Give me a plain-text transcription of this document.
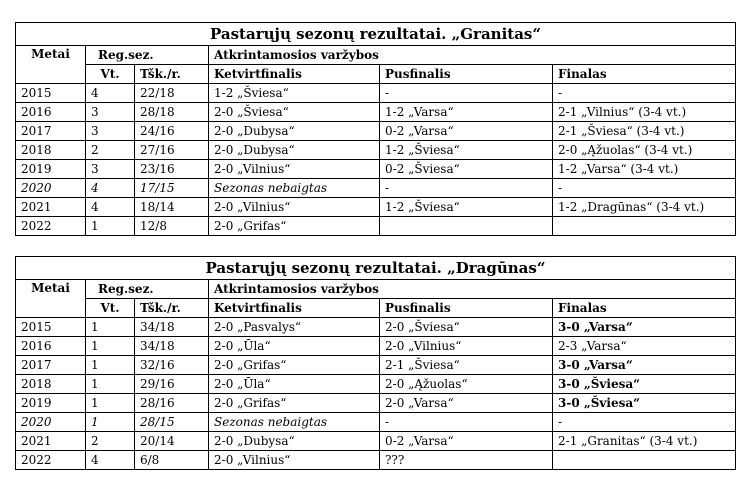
Pastarųjų sezonų rezultatai. „Granitas“					
Metai	Reg.sez.		Atkrintamosios varžybos		
	Vt.	Tšk./r.	Ketvirtfinalis	Pusfinalis	Finalas
2015	4	22/18	1-2 „Šviesa“	-	-
2016	3	28/18	2-0 „Šviesa“	1-2 „Varsa“	2-1 „Vilnius“ (3-4 vt.)
2017	3	24/16	2-0 „Dubysa“	0-2 „Varsa“	2-1 „Šviesa“ (3-4 vt.)
2018	2	27/16	2-0 „Dubysa“	1-2 „Šviesa“	2-0 „Ąžuolas“ (3-4 vt.)
2019	3	23/16	2-0 „Vilnius“	0-2 „Šviesa“	1-2 „Varsa“ (3-4 vt.)
2020	4	17/15	Sezonas nebaigtas	-	-
2021	4	18/14	2-0 „Vilnius“	1-2 „Šviesa“	1-2 „Dragūnas“ (3-4 vt.)
2022	1	12/8	2-0 „Grifas“		
Pastarųjų sezonų rezultatai. „Dragūnas“					
Metai	Reg.sez.		Atkrintamosios varžybos		
	Vt.	Tšk./r.	Ketvirtfinalis	Pusfinalis	Finalas
2015	1	34/18	2-0 „Pasvalys“	2-0 „Šviesa“	3-0 „Varsa“
2016	1	34/18	2-0 „Ūla“	2-0 „Vilnius“	2-3 „Varsa“
2017	1	32/16	2-0 „Grifas“	2-1 „Šviesa“	3-0 „Varsa“
2018	1	29/16	2-0 „Ūla“	2-0 „Ąžuolas“	3-0 „Šviesa“
2019	1	28/16	2-0 „Grifas“	2-0 „Varsa“	3-0 „Šviesa“
2020	1	28/15	Sezonas nebaigtas	-	-
2021	2	20/14	2-0 „Dubysa“	0-2 „Varsa“	2-1 „Granitas“ (3-4 vt.)
2022	4	6/8	2-0 „Vilnius“	???	
